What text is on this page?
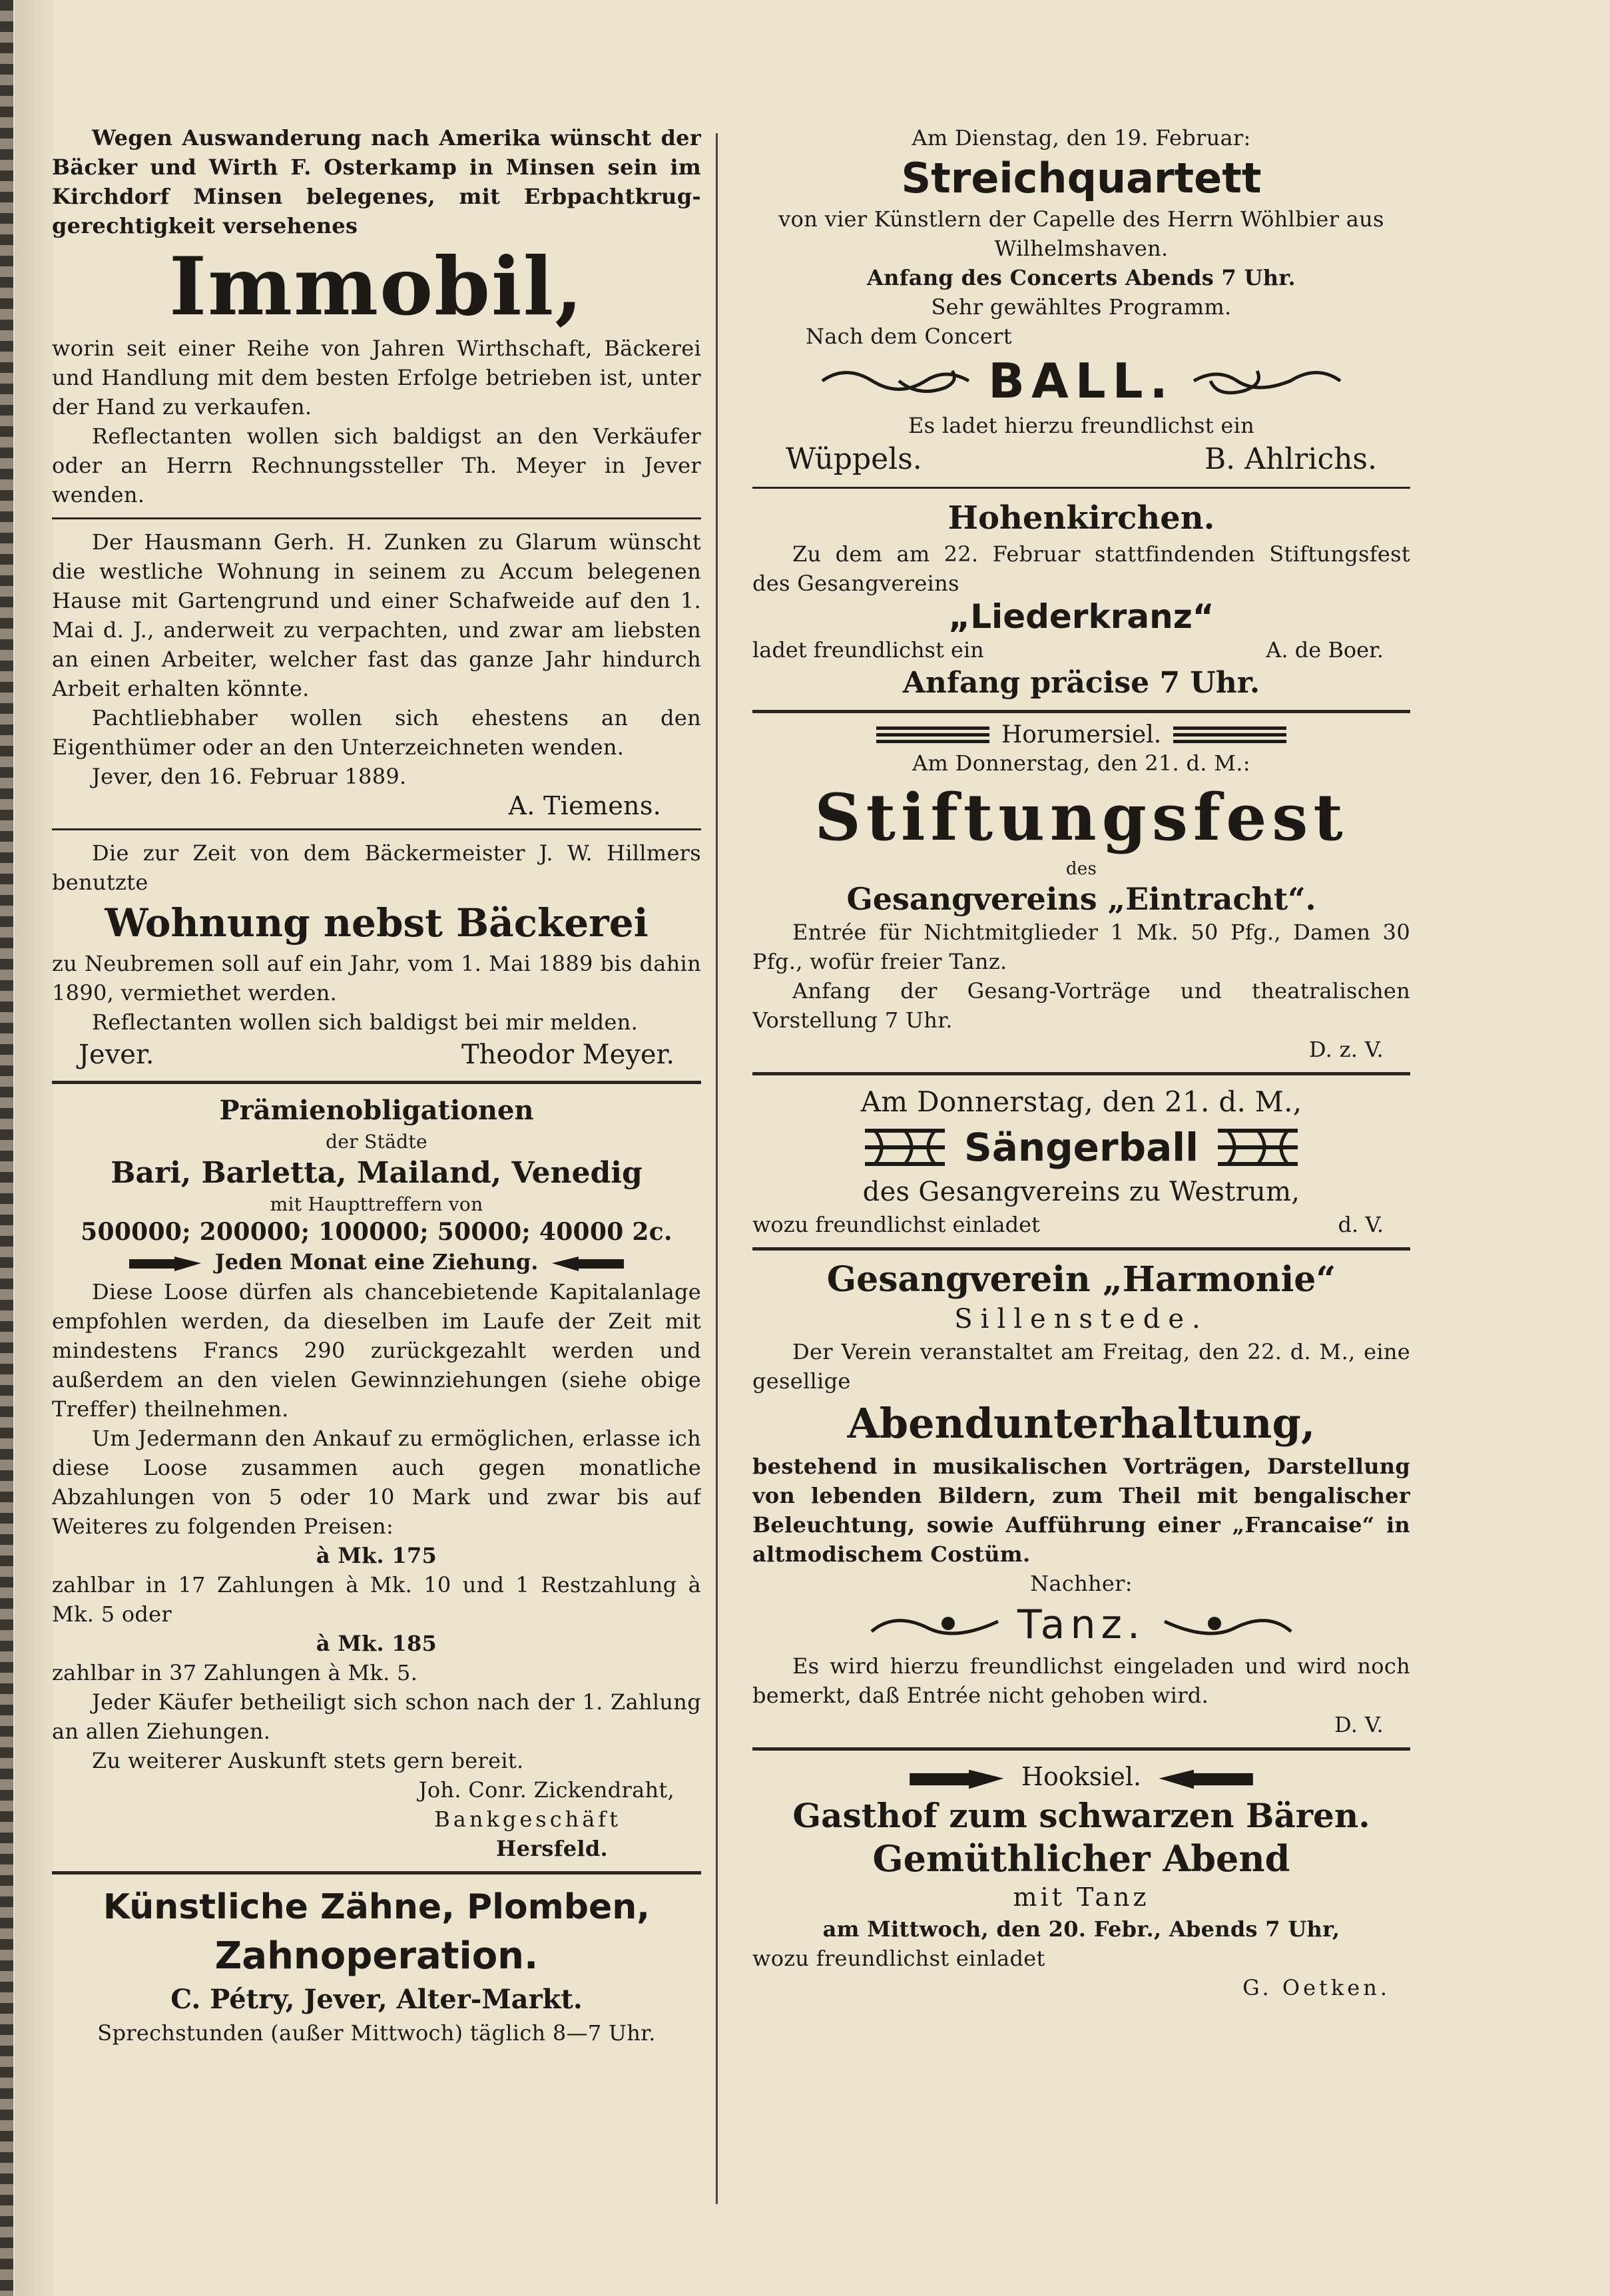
Wegen Auswanderung nach Amerika wünscht der Bäcker und Wirth F. Osterkamp in Minsen sein im Kirchdorf Minsen belegenes, mit Erbpachtkrug-gerechtigkeit versehenes

Immobil,

worin seit einer Reihe von Jahren Wirthschaft, Bäckerei und Handlung mit dem besten Erfolge betrieben ist, unter der Hand zu verkaufen.

Reflectanten wollen sich baldigst an den Verkäufer oder an Herrn Rechnungssteller Th. Meyer in Jever wenden.

Der Hausmann Gerh. H. Zunken zu Glarum wünscht die westliche Wohnung in seinem zu Accum belegenen Hause mit Gartengrund und einer Schafweide auf den 1. Mai d. J., anderweit zu verpachten, und zwar am liebsten an einen Arbeiter, welcher fast das ganze Jahr hindurch Arbeit erhalten könnte.

Pachtliebhaber wollen sich ehestens an den Eigenthümer oder an den Unterzeichneten wenden.

Jever, den 16. Februar 1889.

A. Tiemens.

Die zur Zeit von dem Bäckermeister J. W. Hillmers benutzte

Wohnung nebst Bäckerei

zu Neubremen soll auf ein Jahr, vom 1. Mai 1889 bis dahin 1890, vermiethet werden.

Reflectanten wollen sich baldigst bei mir melden.

Jever.	Theodor Meyer.
Prämienobligationen

der Städte

Bari, Barletta, Mailand, Venedig

mit Haupttreffern von

500000; 200000; 100000; 50000; 40000 2c.

Jeden Monat eine Ziehung.

Diese Loose dürfen als chancebietende Kapitalanlage empfohlen werden, da dieselben im Laufe der Zeit mit mindestens Francs 290 zurückgezahlt werden und außerdem an den vielen Gewinnziehungen (siehe obige Treffer) theilnehmen.

Um Jedermann den Ankauf zu ermöglichen, erlasse ich diese Loose zusammen auch gegen monatliche Abzahlungen von 5 oder 10 Mark und zwar bis auf Weiteres zu folgenden Preisen:

à Mk. 175

zahlbar in 17 Zahlungen à Mk. 10 und 1 Restzahlung à Mk. 5 oder

à Mk. 185

zahlbar in 37 Zahlungen à Mk. 5.

Jeder Käufer betheiligt sich schon nach der 1. Zahlung an allen Ziehungen.

Zu weiterer Auskunft stets gern bereit.

Joh. Conr. Zickendraht,

Bankgeschäft

Hersfeld.

Künstliche Zähne, Plomben,
Zahnoperation.
C. Pétry, Jever, Alter-Markt.

Sprechstunden (außer Mittwoch) täglich 8—7 Uhr.

Am Dienstag, den 19. Februar:

Streichquartett

von vier Künstlern der Capelle des Herrn Wöhlbier aus Wilhelmshaven.

Anfang des Concerts Abends 7 Uhr.

Sehr gewähltes Programm.

Nach dem Concert

BALL.

Es ladet hierzu freundlichst ein

Wüppels.	B. Ahlrichs.
Hohenkirchen.

Zu dem am 22. Februar stattfindenden Stiftungsfest des Gesangvereins

„Liederkranz“
ladet freundlichst ein	A. de Boer.
Anfang präcise 7 Uhr.
Horumersiel.

Am Donnerstag, den 21. d. M.:

Stiftungsfest

des

Gesangvereins „Eintracht“.

Entrée für Nichtmitglieder 1 Mk. 50 Pfg., Damen 30 Pfg., wofür freier Tanz.

Anfang der Gesang-Vorträge und theatralischen Vorstellung 7 Uhr.

D. z. V.

Am Donnerstag, den 21. d. M.,

Sängerball

des Gesangvereins zu Westrum,

wozu freundlichst einladet	d. V.
Gesangverein „Harmonie“

Sillenstede.

Der Verein veranstaltet am Freitag, den 22. d. M., eine gesellige

Abendunterhaltung,

bestehend in musikalischen Vorträgen, Darstellung von lebenden Bildern, zum Theil mit bengalischer Beleuchtung, sowie Aufführung einer „Francaise“ in altmodischem Costüm.

Nachher:

Tanz.

Es wird hierzu freundlichst eingeladen und wird noch bemerkt, daß Entrée nicht gehoben wird.

D. V.

Hooksiel.
Gasthof zum schwarzen Bären.
Gemüthlicher Abend

mit Tanz

am Mittwoch, den 20. Febr., Abends 7 Uhr,

wozu freundlichst einladet

G. Oetken.
